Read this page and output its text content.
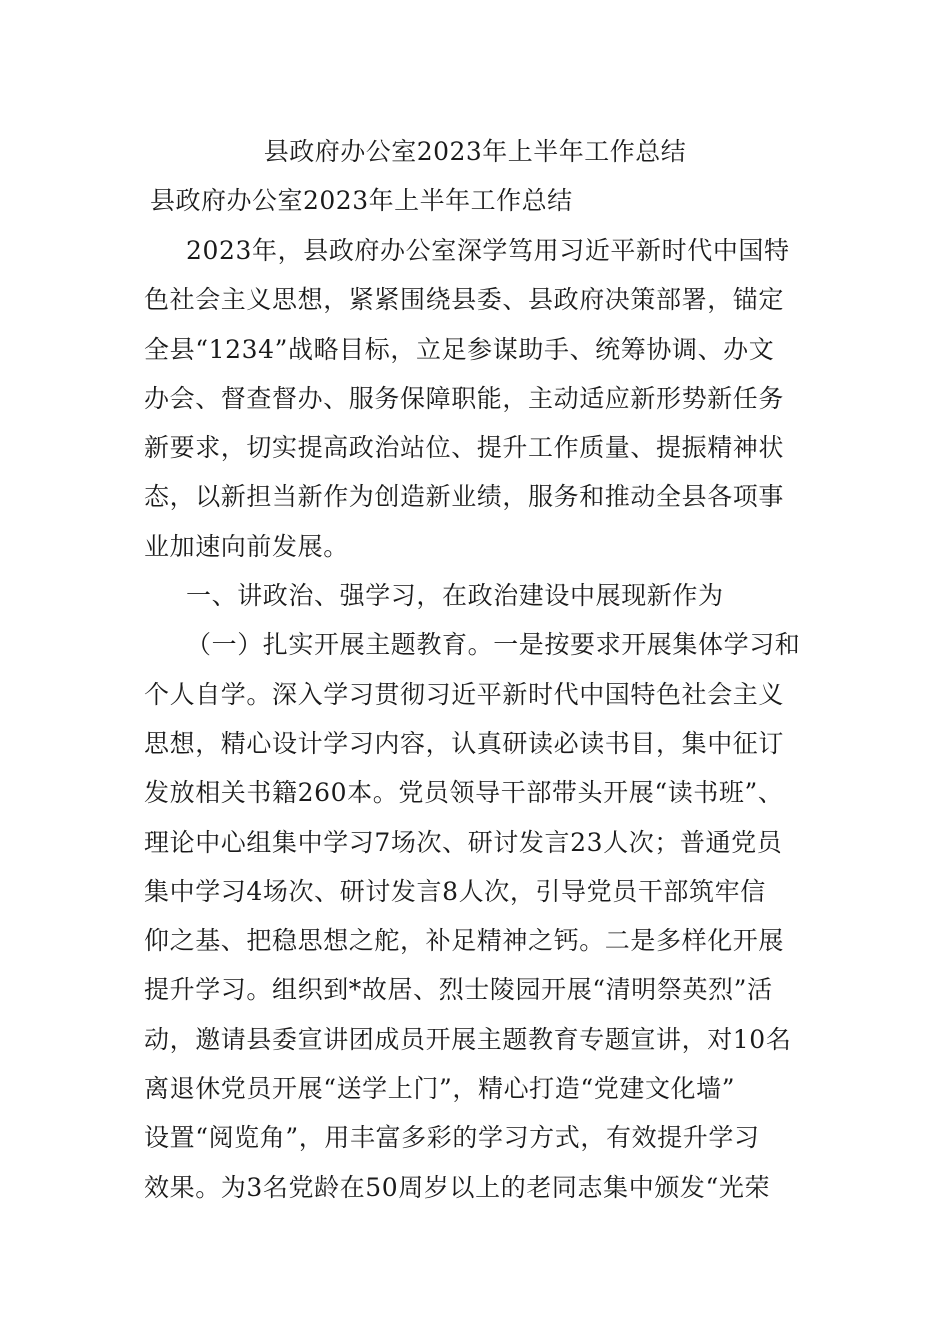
县政府办公室2023年上半年工作总结
县政府办公室2023年上半年工作总结
2023年，县政府办公室深学笃用习近平新时代中国特
色社会主义思想，紧紧围绕县委、县政府决策部署，锚定
全县“1234”战略目标，立足参谋助手、统筹协调、办文
办会、督查督办、服务保障职能，主动适应新形势新任务
新要求，切实提高政治站位、提升工作质量、提振精神状
态，以新担当新作为创造新业绩，服务和推动全县各项事
业加速向前发展。
一、讲政治、强学习，在政治建设中展现新作为
（一）扎实开展主题教育。一是按要求开展集体学习和
个人自学。深入学习贯彻习近平新时代中国特色社会主义
思想，精心设计学习内容，认真研读必读书目，集中征订
发放相关书籍260本。党员领导干部带头开展“读书班”、
理论中心组集中学习7场次、研讨发言23人次；普通党员
集中学习4场次、研讨发言8人次，引导党员干部筑牢信
仰之基、把稳思想之舵，补足精神之钙。二是多样化开展
提升学习。组织到*故居、烈士陵园开展“清明祭英烈”活
动，邀请县委宣讲团成员开展主题教育专题宣讲，对10名
离退休党员开展“送学上门”，精心打造“党建文化墙”
设置“阅览角”，用丰富多彩的学习方式，有效提升学习
效果。为3名党龄在50周岁以上的老同志集中颁发“光荣
